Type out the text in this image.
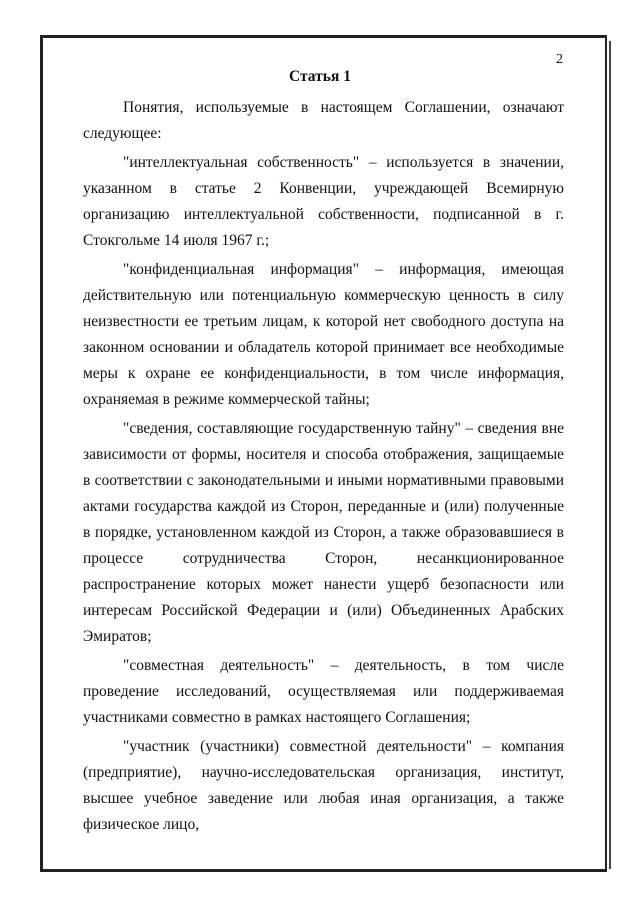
2
Статья 1

Понятия, используемые в настоящем Соглашении, означают следующее:

"интеллектуальная собственность" – используется в значении, указанном в статье 2 Конвенции, учреждающей Всемирную организацию интеллектуальной собственности, подписанной в г. Стокгольме 14 июля 1967 г.;

"конфиденциальная информация" – информация, имеющая действительную или потенциальную коммерческую ценность в силу неизвестности ее третьим лицам, к которой нет свободного доступа на законном основании и обладатель которой принимает все необходимые меры к охране ее конфиденциальности, в том числе информация, охраняемая в режиме коммерческой тайны;

"сведения, составляющие государственную тайну" – сведения вне зависимости от формы, носителя и способа отображения, защищаемые в соответствии с законодательными и иными нормативными правовыми актами государства каждой из Сторон, переданные и (или) полученные в порядке, установленном каждой из Сторон, а также образовавшиеся в процессе сотрудничества Сторон, несанкционированное распространение которых может нанести ущерб безопасности или интересам Российской Федерации и (или) Объединенных Арабских Эмиратов;

"совместная деятельность" – деятельность, в том числе проведение исследований, осуществляемая или поддерживаемая участниками совместно в рамках настоящего Соглашения;

"участник (участники) совместной деятельности" – компания (предприятие), научно-исследовательская организация, институт, высшее учебное заведение или любая иная организация, а также физическое лицо,
